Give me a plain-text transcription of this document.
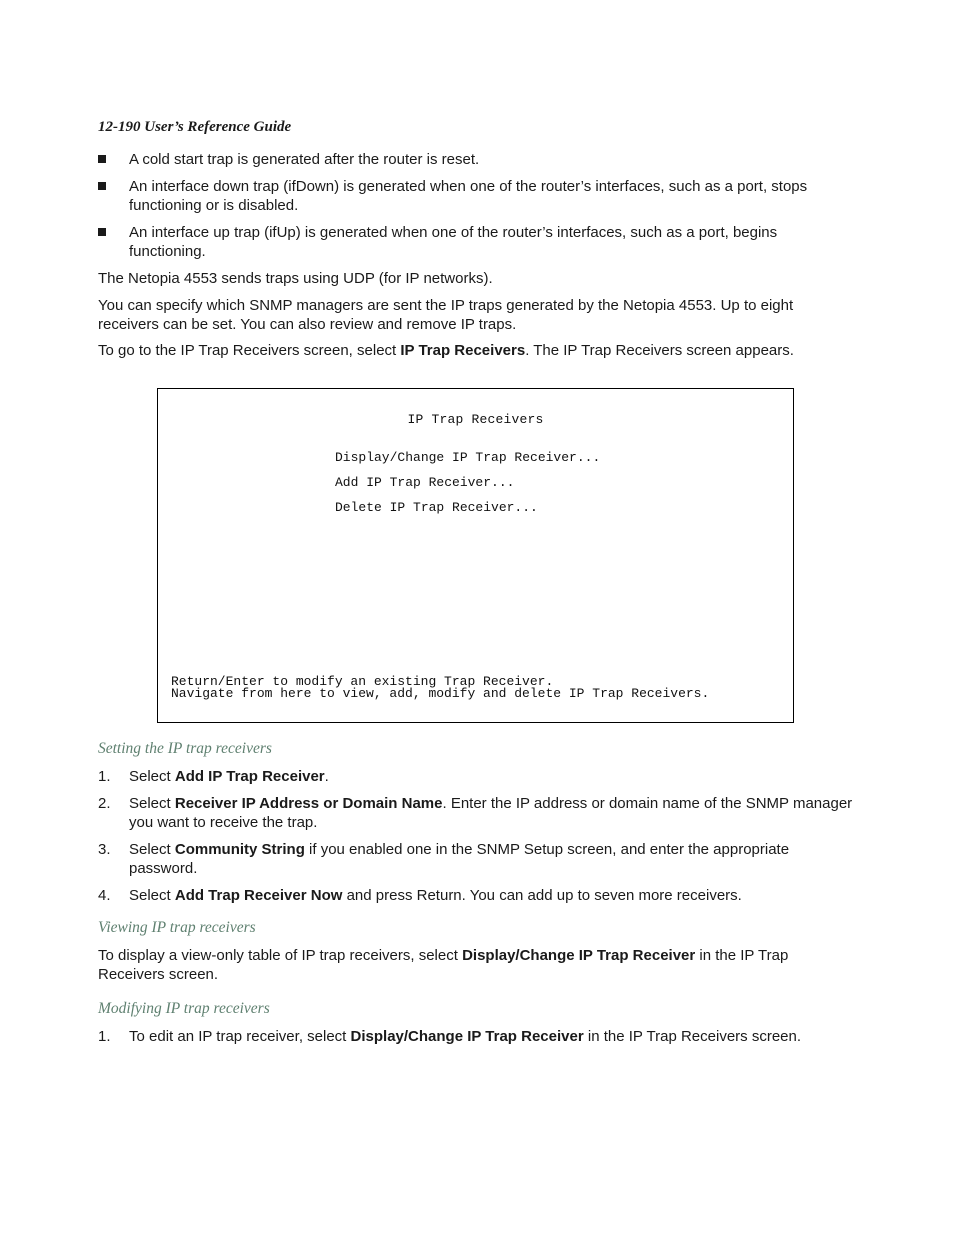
12-190 User’s Reference Guide
A cold start trap is generated after the router is reset.
An interface down trap (ifDown) is generated when one of the router’s interfaces, such as a port, stops functioning or is disabled.
An interface up trap (ifUp) is generated when one of the router’s interfaces, such as a port, begins functioning.

The Netopia 4553 sends traps using UDP (for IP networks).

You can specify which SNMP managers are sent the IP traps generated by the Netopia 4553. Up to eight receivers can be set. You can also review and remove IP traps.

To go to the IP Trap Receivers screen, select IP Trap Receivers. The IP Trap Receivers screen appears.

IP Trap Receivers
Display/Change IP Trap Receiver...
Add IP Trap Receiver...
Delete IP Trap Receiver...
Return/Enter to modify an existing Trap Receiver.
Navigate from here to view, add, modify and delete IP Trap Receivers.
Setting the IP trap receivers
1. Select Add IP Trap Receiver.
2. Select Receiver IP Address or Domain Name. Enter the IP address or domain name of the SNMP manager you want to receive the trap.
3. Select Community String if you enabled one in the SNMP Setup screen, and enter the appropriate password.
4. Select Add Trap Receiver Now and press Return. You can add up to seven more receivers.
Viewing IP trap receivers

To display a view-only table of IP trap receivers, select Display/Change IP Trap Receiver in the IP Trap Receivers screen.

Modifying IP trap receivers
1. To edit an IP trap receiver, select Display/Change IP Trap Receiver in the IP Trap Receivers screen.
